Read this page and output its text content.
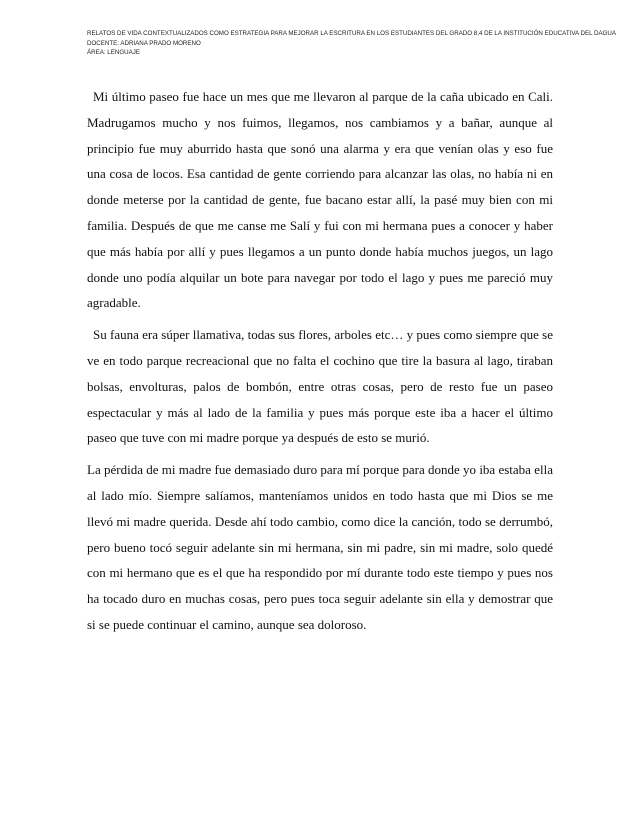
RELATOS DE VIDA CONTEXTUALIZADOS COMO ESTRATEGIA PARA MEJORAR LA ESCRITURA EN LOS ESTUDIANTES DEL GRADO 8,4 DE LA INSTITUCIÓN EDUCATIVA DEL DAGUA
DOCENTE: ADRIANA PRADO MORENO
ÁREA: LENGUAJE

Mi último paseo fue hace un mes que me llevaron al parque de la caña ubicado en Cali. Madrugamos mucho y nos fuimos, llegamos, nos cambiamos y a bañar, aunque al principio fue muy aburrido hasta que sonó una alarma y era que venían olas y eso fue una cosa de locos. Esa cantidad de gente corriendo para alcanzar las olas, no había ni en donde meterse por la cantidad de gente, fue bacano estar allí, la pasé muy bien con mi familia. Después de que me canse me Salí y fui con mi hermana pues a conocer y haber que más había por allí y pues llegamos a un punto donde había muchos juegos, un lago donde uno podía alquilar un bote para navegar por todo el lago y pues me pareció muy agradable.

Su fauna era súper llamativa, todas sus flores, arboles etc… y pues como siempre que se ve en todo parque recreacional que no falta el cochino que tire la basura al lago, tiraban bolsas, envolturas, palos de bombón, entre otras cosas, pero de resto fue un paseo espectacular y más al lado de la familia y pues más porque este iba a hacer el último paseo que tuve con mi madre porque ya después de esto se murió.

La pérdida de mi madre fue demasiado duro para mí porque para donde yo iba estaba ella al lado mío. Siempre salíamos, manteníamos unidos en todo hasta que mi Dios se me llevó mi madre querida. Desde ahí todo cambio, como dice la canción, todo se derrumbó, pero bueno tocó seguir adelante sin mi hermana, sin mi padre, sin mi madre, solo quedé con mi hermano que es el que ha respondido por mí durante todo este tiempo y pues nos ha tocado duro en muchas cosas, pero pues toca seguir adelante sin ella y demostrar que si se puede continuar el camino, aunque sea doloroso.
